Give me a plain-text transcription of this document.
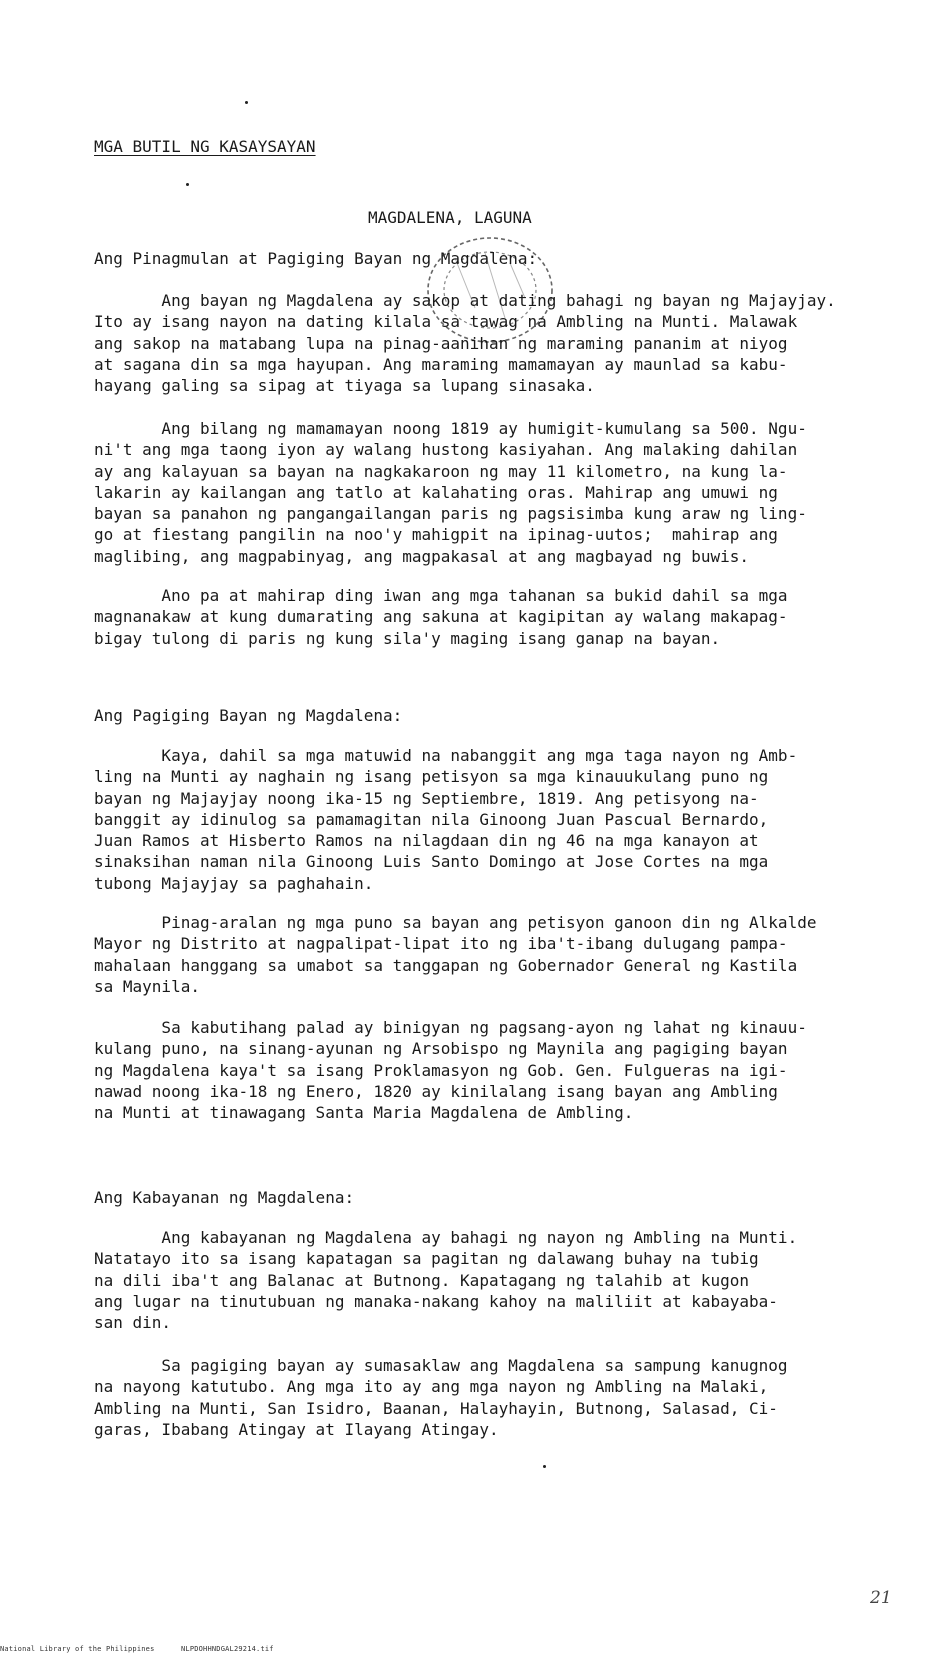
MGA BUTIL NG KASAYSAYAN
MAGDALENA, LAGUNA
Ang Pinagmulan at Pagiging Bayan ng Magdalena:
Ang bayan ng Magdalena ay sakop at dating bahagi ng bayan ng Majayjay.
Ito ay isang nayon na dating kilala sa tawag na Ambling na Munti. Malawak
ang sakop na matabang lupa na pinag-aanihan ng maraming pananim at niyog
at sagana din sa mga hayupan. Ang maraming mamamayan ay maunlad sa kabu-
hayang galing sa sipag at tiyaga sa lupang sinasaka.
Ang bilang ng mamamayan noong 1819 ay humigit-kumulang sa 500. Ngu-
ni't ang mga taong iyon ay walang hustong kasiyahan. Ang malaking dahilan
ay ang kalayuan sa bayan na nagkakaroon ng may 11 kilometro, na kung la-
lakarin ay kailangan ang tatlo at kalahating oras. Mahirap ang umuwi ng
bayan sa panahon ng pangangailangan paris ng pagsisimba kung araw ng ling-
go at fiestang pangilin na noo'y mahigpit na ipinag-uutos;  mahirap ang
maglibing, ang magpabinyag, ang magpakasal at ang magbayad ng buwis.
Ano pa at mahirap ding iwan ang mga tahanan sa bukid dahil sa mga
magnanakaw at kung dumarating ang sakuna at kagipitan ay walang makapag-
bigay tulong di paris ng kung sila'y maging isang ganap na bayan.
Ang Pagiging Bayan ng Magdalena:
Kaya, dahil sa mga matuwid na nabanggit ang mga taga nayon ng Amb-
ling na Munti ay naghain ng isang petisyon sa mga kinauukulang puno ng
bayan ng Majayjay noong ika-15 ng Septiembre, 1819. Ang petisyong na-
banggit ay idinulog sa pamamagitan nila Ginoong Juan Pascual Bernardo,
Juan Ramos at Hisberto Ramos na nilagdaan din ng 46 na mga kanayon at
sinaksihan naman nila Ginoong Luis Santo Domingo at Jose Cortes na mga
tubong Majayjay sa paghahain.
Pinag-aralan ng mga puno sa bayan ang petisyon ganoon din ng Alkalde
Mayor ng Distrito at nagpalipat-lipat ito ng iba't-ibang dulugang pampa-
mahalaan hanggang sa umabot sa tanggapan ng Gobernador General ng Kastila
sa Maynila.
Sa kabutihang palad ay binigyan ng pagsang-ayon ng lahat ng kinauu-
kulang puno, na sinang-ayunan ng Arsobispo ng Maynila ang pagiging bayan
ng Magdalena kaya't sa isang Proklamasyon ng Gob. Gen. Fulgueras na igi-
nawad noong ika-18 ng Enero, 1820 ay kinilalang isang bayan ang Ambling
na Munti at tinawagang Santa Maria Magdalena de Ambling.
Ang Kabayanan ng Magdalena:
Ang kabayanan ng Magdalena ay bahagi ng nayon ng Ambling na Munti.
Natatayo ito sa isang kapatagan sa pagitan ng dalawang buhay na tubig
na dili iba't ang Balanac at Butnong. Kapatagang ng talahib at kugon
ang lugar na tinutubuan ng manaka-nakang kahoy na maliliit at kabayaba-
san din.
Sa pagiging bayan ay sumasaklaw ang Magdalena sa sampung kanugnog
na nayong katutubo. Ang mga ito ay ang mga nayon ng Ambling na Malaki,
Ambling na Munti, San Isidro, Baanan, Halayhayin, Butnong, Salasad, Ci-
garas, Ibabang Atingay at Ilayang Atingay.
21
National Library of the Philippines      NLPDOHHNDGAL29214.tif
